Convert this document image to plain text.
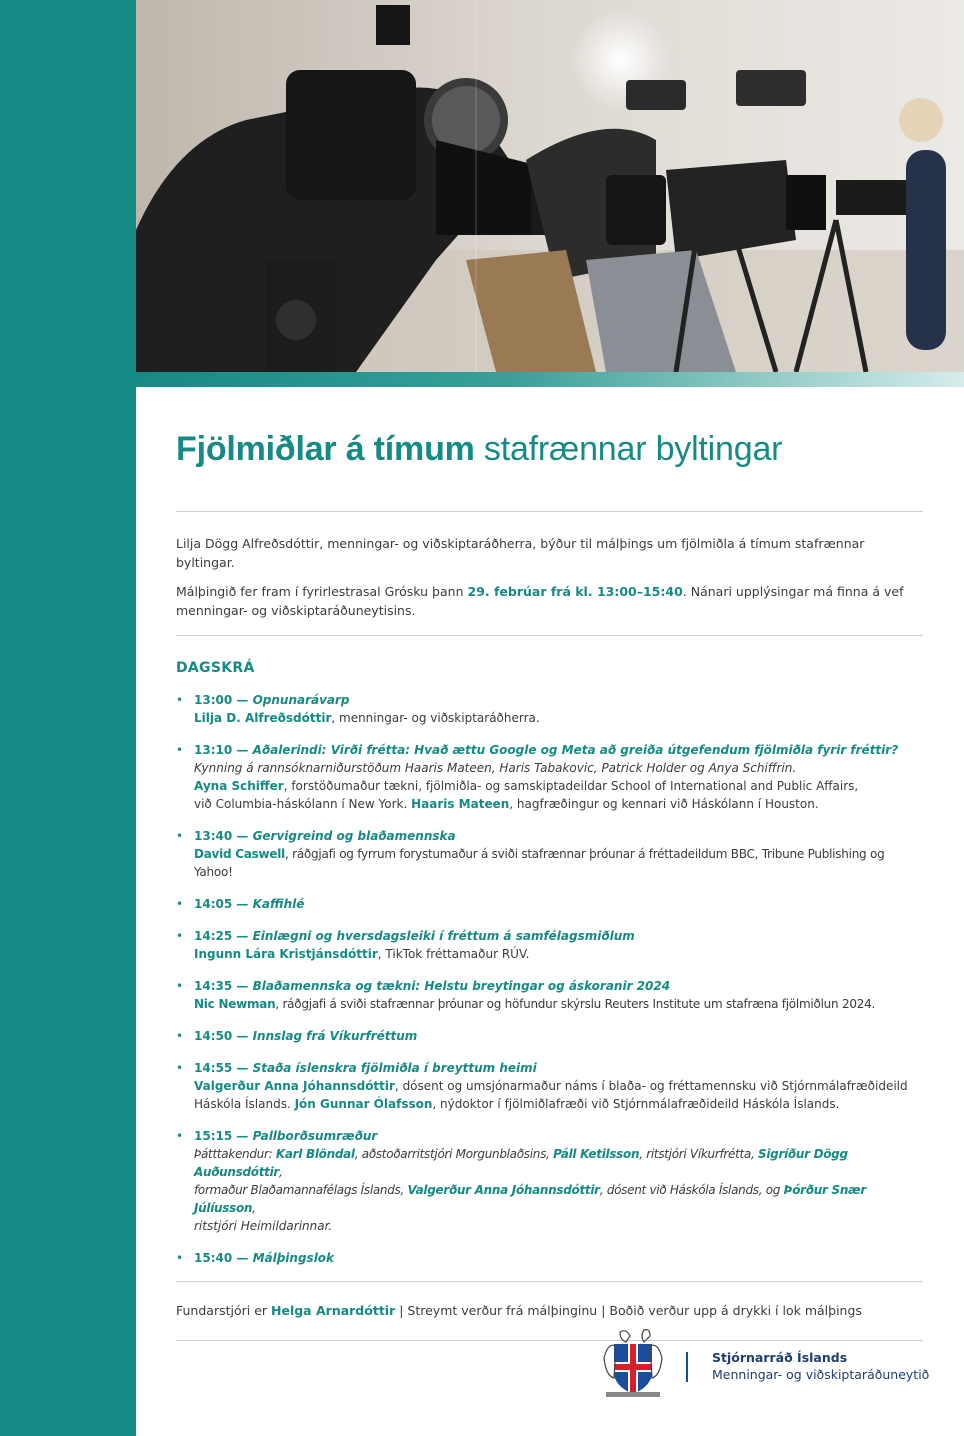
Fjölmiðlar á tímum stafrænnar byltingar

Lilja Dögg Alfreðsdóttir, menningar- og viðskiptaráðherra, býður til málþings um fjölmiðla á tímum stafrænnar byltingar.

Málþingið fer fram í fyrirlestrasal Grósku þann 29. febrúar frá kl. 13:00–15:40. Nánari upplýsingar má finna á vef
menningar- og viðskiptaráðuneytisins.

DAGSKRÁ
• 13:00 — Opnunarávarp
Lilja D. Alfreðsdóttir, menningar- og viðskiptaráðherra.
• 13:10 — Aðalerindi: Virði frétta: Hvað ættu Google og Meta að greiða útgefendum fjölmiðla fyrir fréttir?
Kynning á rannsóknarniðurstöðum Haaris Mateen, Haris Tabakovic, Patrick Holder og Anya Schiffrin.
Ayna Schiffer, forstöðumaður tækni, fjölmiðla- og samskiptadeildar School of International and Public Affairs,
við Columbia-háskólann í New York. Haaris Mateen, hagfræðingur og kennari við Háskólann í Houston.
• 13:40 — Gervigreind og blaðamennska
David Caswell, ráðgjafi og fyrrum forystumaður á sviði stafrænnar þróunar á fréttadeildum BBC, Tribune Publishing og Yahoo!
• 14:05 — Kaffihlé
• 14:25 — Einlægni og hversdagsleiki í fréttum á samfélagsmiðlum
Ingunn Lára Kristjánsdóttir, TikTok fréttamaður RÚV.
• 14:35 — Blaðamennska og tækni: Helstu breytingar og áskoranir 2024
Nic Newman, ráðgjafi á sviði stafrænnar þróunar og höfundur skýrslu Reuters Institute um stafræna fjölmiðlun 2024.
• 14:50 — Innslag frá Víkurfréttum
• 14:55 — Staða íslenskra fjölmiðla í breyttum heimi
Valgerður Anna Jóhannsdóttir, dósent og umsjónarmaður náms í blaða- og fréttamennsku við Stjórnmálafræðideild
Háskóla Íslands. Jón Gunnar Ólafsson, nýdoktor í fjölmiðlafræði við Stjórnmálafræðideild Háskóla Íslands.
• 15:15 — Pallborðsumræður
Þátttakendur: Karl Blöndal, aðstoðarritstjóri Morgunblaðsins, Páll Ketilsson, ritstjóri Víkurfrétta, Sigríður Dögg Auðunsdóttir,
formaður Blaðamannafélags Íslands, Valgerður Anna Jóhannsdóttir, dósent við Háskóla Íslands, og Þórður Snær Júlíusson,
ritstjóri Heimildarinnar.
• 15:40 — Málþingslok

Fundarstjóri er Helga Arnardóttir | Streymt verður frá málþinginu | Boðið verður upp á drykki í lok málþings

Stjórnarráð Íslands
Menningar- og viðskiptaráðuneytið
